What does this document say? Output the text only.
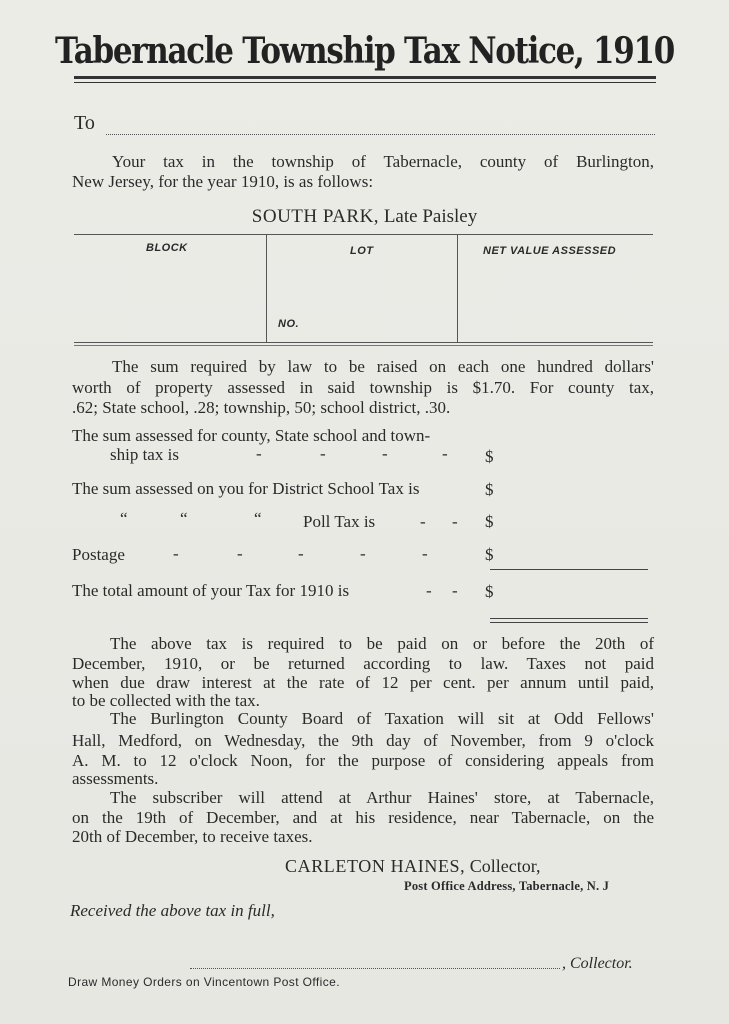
Tabernacle Township Tax Notice, 1910
To
Your tax in the township of Tabernacle, county of Burlington,
New Jersey, for the year 1910, is as follows:
SOUTH PARK, Late Paisley
BLOCK	LOT	NET VALUE ASSESSED
NO.
The sum required by law to be raised on each one hundred dollars'
worth of property assessed in said township is $1.70. For county tax,
.62; State school, .28; township, 50; school district, .30.
The sum assessed for county, State school and town-
ship tax is	-	-	-	- $
The sum assessed on you for District School Tax is	$
“	“	“ Poll Tax is	- - $
Postage	-	-	-	-	-	$
The total amount of your Tax for 1910 is	- - $
The above tax is required to be paid on or before the 20th of
December, 1910, or be returned according to law. Taxes not paid
when due draw interest at the rate of 12 per cent. per annum until paid,
to be collected with the tax.
The Burlington County Board of Taxation will sit at Odd Fellows'
Hall, Medford, on Wednesday, the 9th day of November, from 9 o'clock
A. M. to 12 o'clock Noon, for the purpose of considering appeals from
assessments.
The subscriber will attend at Arthur Haines' store, at Tabernacle,
on the 19th of December, and at his residence, near Tabernacle, on the
20th of December, to receive taxes.
CARLETON HAINES, Collector,
Post Office Address, Tabernacle, N. J
Received the above tax in full,
, Collector.
Draw Money Orders on Vincentown Post Office.
